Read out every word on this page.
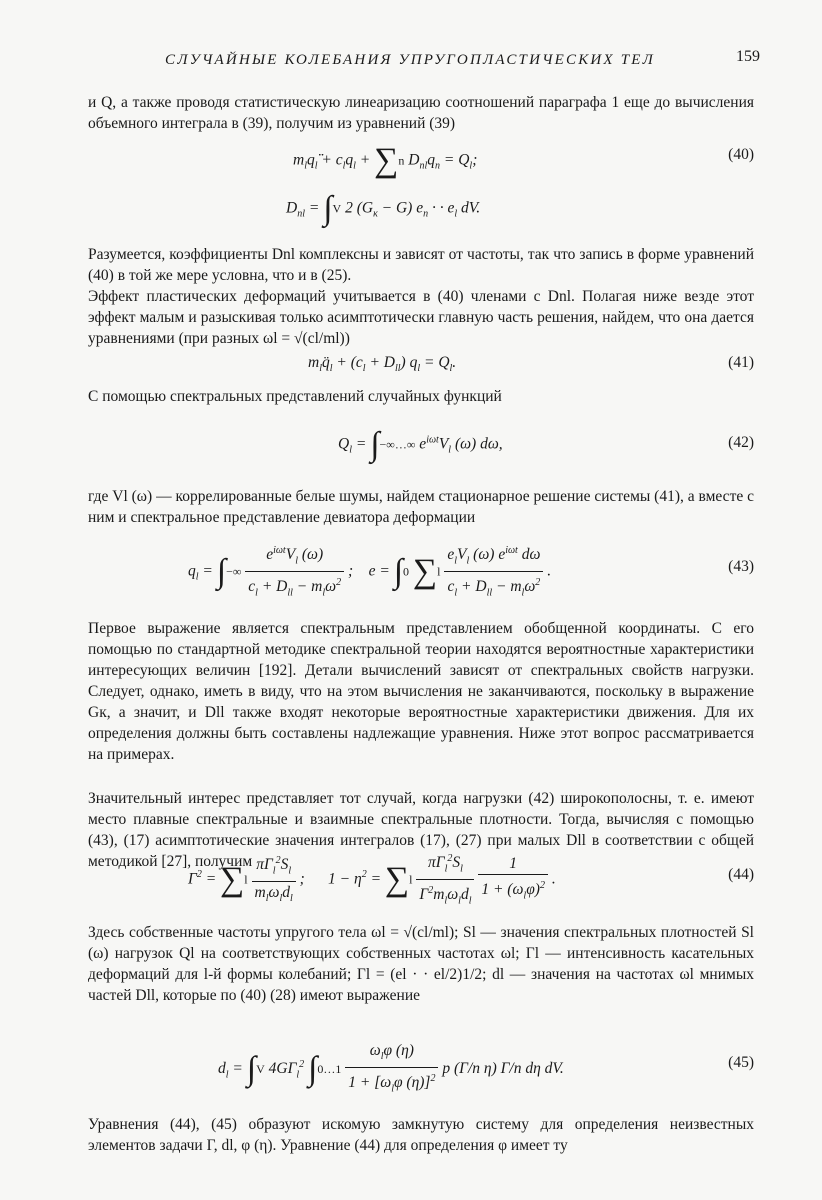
СЛУЧАЙНЫЕ КОЛЕБАНИЯ УПРУГОПЛАСТИЧЕСКИХ ТЕЛ	159
и Q, а также проводя статистическую линеаризацию соотношений параграфа 1 еще до вычисления объемного интеграла в (39), получим из уравнений (39)
$m_lq_l̈̈ + c_lq_l + \sum n$ $D_{nl}q_n = Q_l$;
$D_{nl} = \int V$ 2 $(G_к - G) e_n$ · · $e_l$ dV.
(40)
Разумеется, коэффициенты Dnl комплексны и зависят от частоты, так что запись в форме уравнений (40) в той же мере условна, что и в (25).
Эффект пластических деформаций учитывается в (40) членами с Dnl. Полагая ниже везде этот эффект малым и разыскивая только асимптотически главную часть решения, найдем, что она дается уравнениями (при разных ωl = √(cl/ml))
$m_lq̈_l + (c_l + D_{ll}) q_l = Q_l$.	(41)
С помощью спектральных представлений случайных функций
$Q_l$ = ∫−∞…∞ $e^{i\omega t}V_l$ (ω) dω,	(42)
где Vl (ω) — коррелированные белые шумы, найдем стационарное решение системы (41), а вместе с ним и спектральное представление девиатора деформации
$q_l$ = ∫−∞ $\frac{e^{i\omega t}V_l (\omega)}{c_l + D_{ll} - m_l\omega^2}$ ;    e = ∫0 $\sum l \frac{e_lV_l (\omega) e^{i\omega t} d\omega}{c_l + D_{ll} - m_l\omega^2}$ .	(43)
Первое выражение является спектральным представлением обобщенной координаты. С его помощью по стандартной методике спектральной теории находятся вероятностные характеристики интересующих величин [192]. Детали вычислений зависят от спектральных свойств нагрузки. Следует, однако, иметь в виду, что на этом вычисления не заканчиваются, поскольку в выражение Gк, а значит, и Dll также входят некоторые вероятностные характеристики движения. Для их определения должны быть составлены надлежащие уравнения. Ниже этот вопрос рассматривается на примерах.
Значительный интерес представляет тот случай, когда нагрузки (42) широкополосны, т. е. имеют место плавные спектральные и взаимные спектральные плотности. Тогда, вычисляя с помощью (43), (17) асимптотические значения интегралов (17), (27) при малых Dll в соответствии с общей методикой [27], получим
$\Gamma^2 = \sum l \frac{\pi\Gamma_l^2S_l}{m_l\omega_ld_l}$ ;      $1 - \eta^2 = \sum l \frac{\pi\Gamma_l^2S_l}{\Gamma^2m_l\omega_ld_l}$
$\frac{1}{1 + (\omega_l\varphi)^2}$ .	(44)
Здесь собственные частоты упругого тела ωl = √(cl/ml); Sl — значения спектральных плотностей Sl (ω) нагрузок Ql на соответствующих собственных частотах ωl; Γl — интенсивность касательных деформаций для l-й формы колебаний; Γl = (el · · el/2)1/2; dl — значения на частотах ωl мнимых частей Dll, которые по (40) (28) имеют выражение
$d_l = \int V$ $4G\Gamma_l^2$ ∫0…1 $\frac{\omega_l\varphi (\eta)}{1 + [\omega_l\varphi (\eta)]^2}$ p (Γ/n η) Γ/n dη dV.	(45)
Уравнения (44), (45) образуют искомую замкнутую систему для определения неизвестных элементов задачи Γ, dl, φ (η). Уравнение (44) для определения φ имеет ту
